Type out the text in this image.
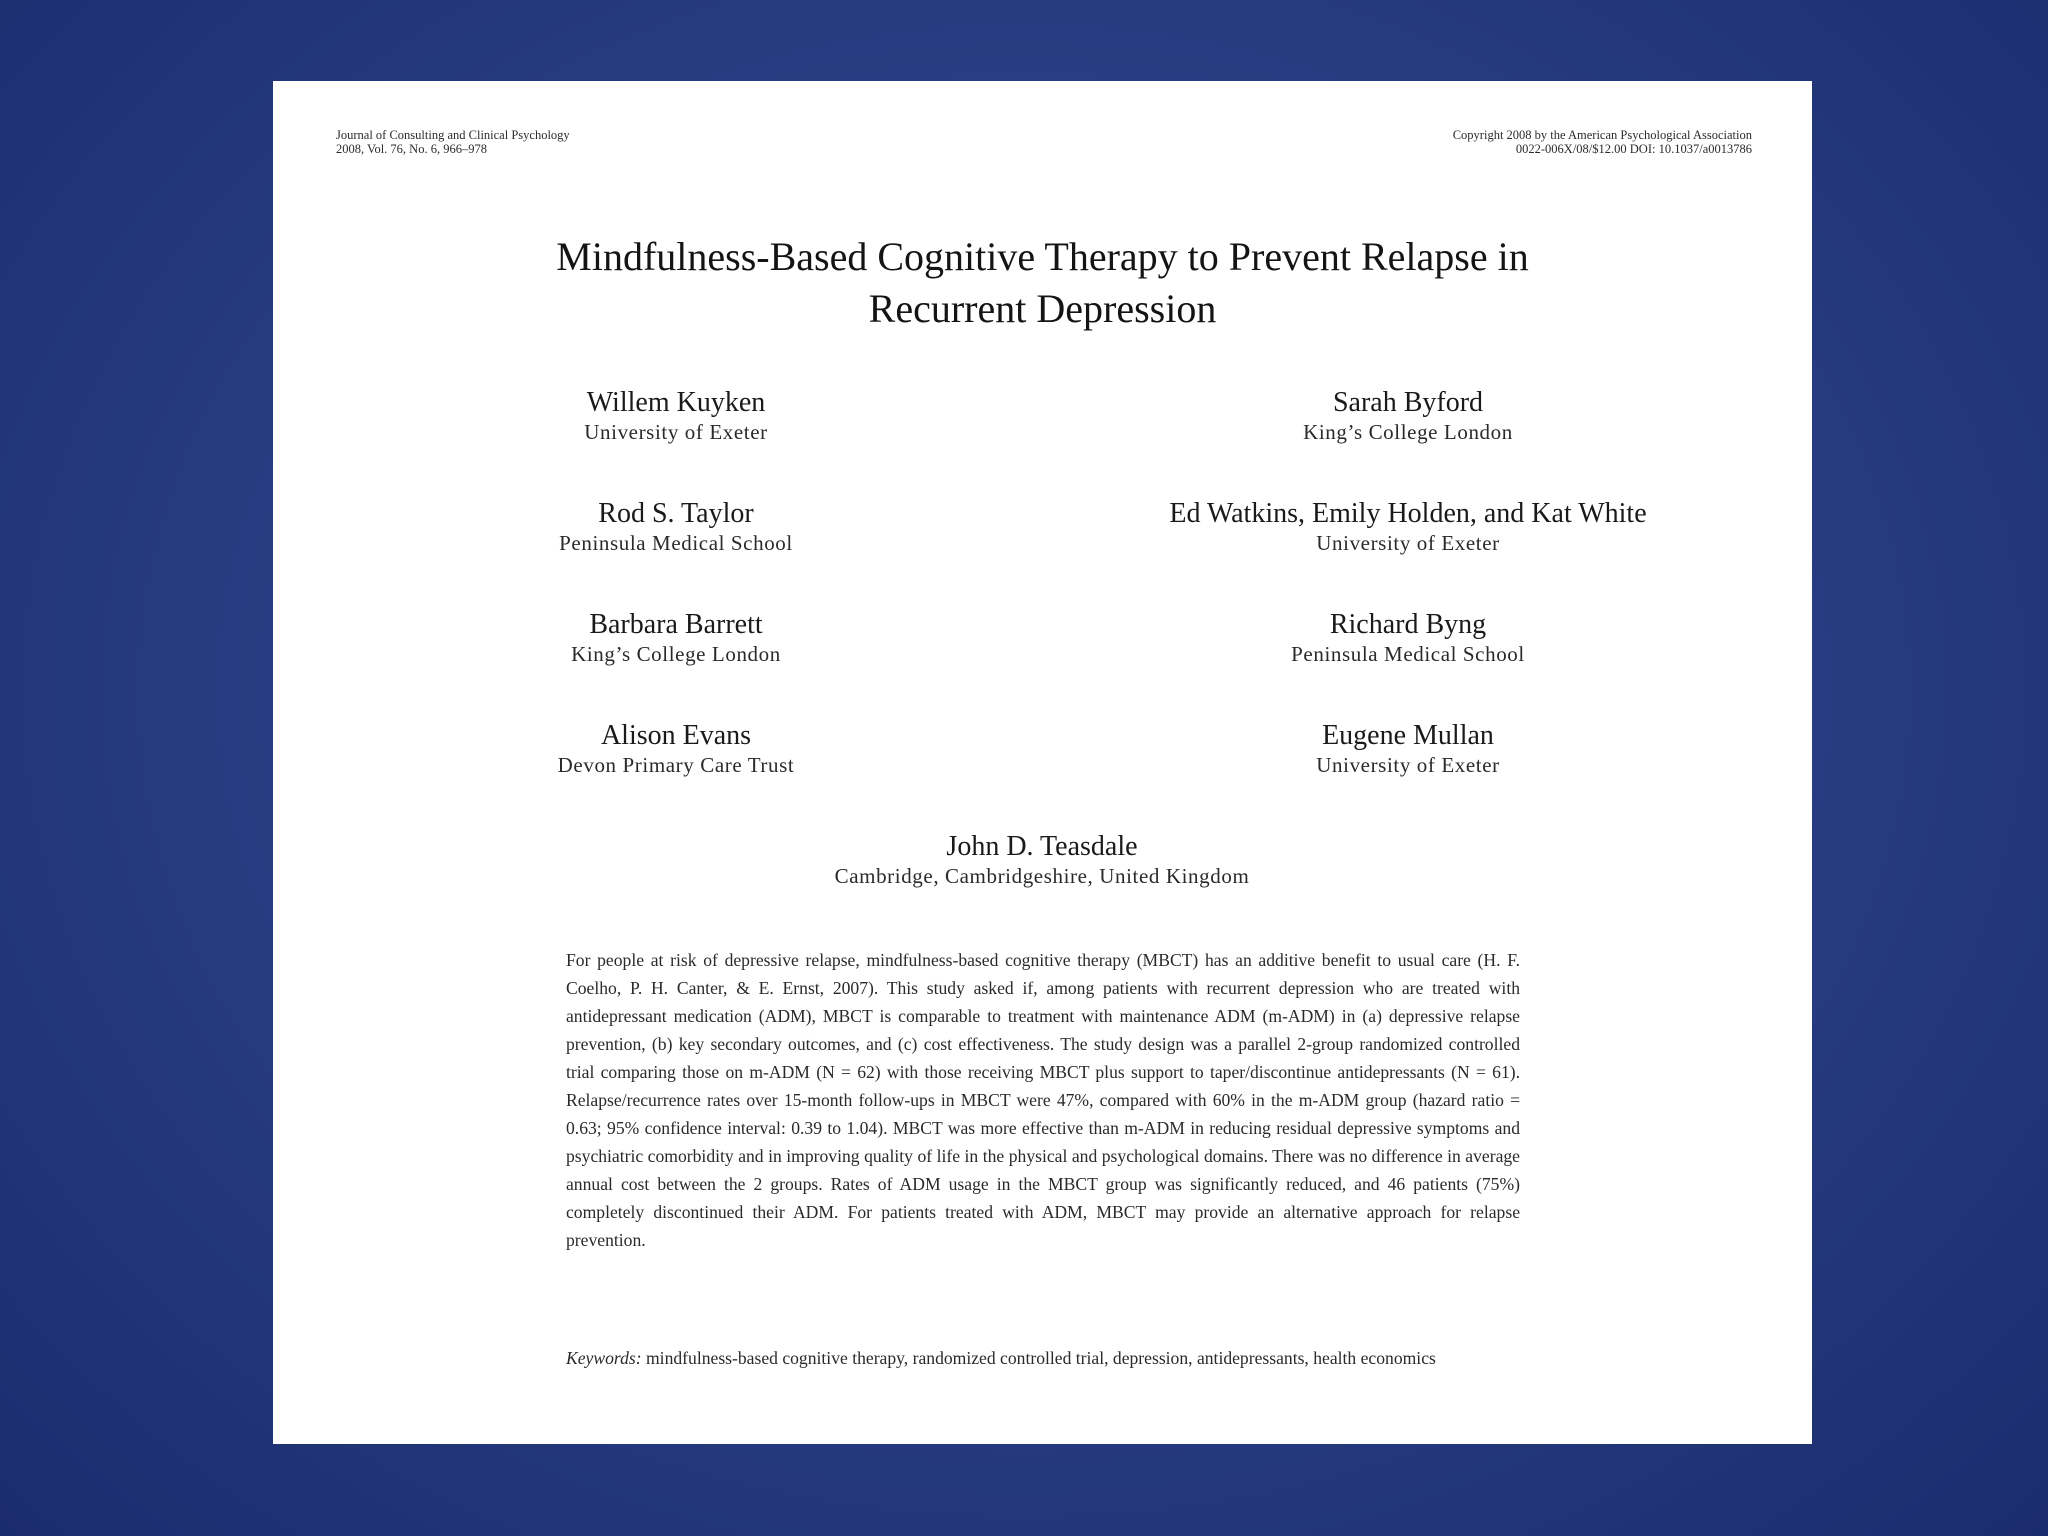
Journal of Consulting and Clinical Psychology
2008, Vol. 76, No. 6, 966–978
Copyright 2008 by the American Psychological Association
0022-006X/08/$12.00 DOI: 10.1037/a0013786
Mindfulness-Based Cognitive Therapy to Prevent Relapse in
Recurrent Depression
Willem Kuyken
University of Exeter
Sarah Byford
King’s College London
Rod S. Taylor
Peninsula Medical School
Ed Watkins, Emily Holden, and Kat White
University of Exeter
Barbara Barrett
King’s College London
Richard Byng
Peninsula Medical School
Alison Evans
Devon Primary Care Trust
Eugene Mullan
University of Exeter
John D. Teasdale
Cambridge, Cambridgeshire, United Kingdom
For people at risk of depressive relapse, mindfulness-based cognitive therapy (MBCT) has an additive benefit to usual care (H. F. Coelho, P. H. Canter, & E. Ernst, 2007). This study asked if, among patients with recurrent depression who are treated with antidepressant medication (ADM), MBCT is comparable to treatment with maintenance ADM (m-ADM) in (a) depressive relapse prevention, (b) key secondary outcomes, and (c) cost effectiveness. The study design was a parallel 2-group randomized controlled trial comparing those on m-ADM (N = 62) with those receiving MBCT plus support to taper/discontinue antidepressants (N = 61). Relapse/recurrence rates over 15-month follow-ups in MBCT were 47%, compared with 60% in the m-ADM group (hazard ratio = 0.63; 95% confidence interval: 0.39 to 1.04). MBCT was more effective than m-ADM in reducing residual depressive symptoms and psychiatric comorbidity and in improving quality of life in the physical and psychological domains. There was no difference in average annual cost between the 2 groups. Rates of ADM usage in the MBCT group was significantly reduced, and 46 patients (75%) completely discontinued their ADM. For patients treated with ADM, MBCT may provide an alternative approach for relapse prevention.
Keywords: mindfulness-based cognitive therapy, randomized controlled trial, depression, antidepressants, health economics
